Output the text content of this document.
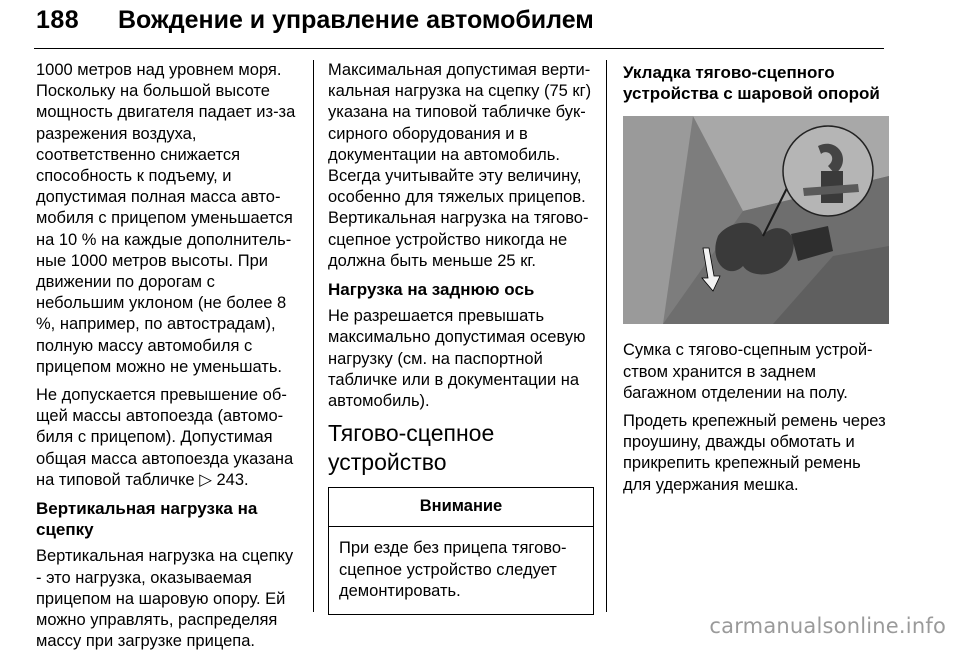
188 Вождение и управление автомобилем

1000 метров над уровнем моря. Поскольку на большой высоте мощность двигателя падает из-за разрежения воздуха, соответственно снижается способность к подъему, и допустимая полная масса автомобиля с прицепом уменьшается на 10 % на каждые дополнительные 1000 метров высоты. При движении по дорогам с небольшим уклоном (не более 8 %, например, по автострадам), полную массу автомобиля с прицепом можно не уменьшать.

Не допускается превышение общей массы автопоезда (автомобиля с прицепом). Допустимая общая масса автопоезда указана на типовой табличке ▷ 243.

Вертикальная нагрузка на сцепку

Вертикальная нагрузка на сцепку - это нагрузка, оказываемая прицепом на шаровую опору. Ей можно управлять, распределяя массу при загрузке прицепа.

Максимальная допустимая вертикальная нагрузка на сцепку (75 кг) указана на типовой табличке буксирного оборудования и в документации на автомобиль. Всегда учитывайте эту величину, особенно для тяжелых прицепов. Вертикальная нагрузка на тягово-сцепное устройство никогда не должна быть меньше 25 кг.

Нагрузка на заднюю ось

Не разрешается превышать максимально допустимая осевую нагрузку (см. на паспортной табличке или в документации на автомобиль).

Тягово-сцепное устройство
Внимание
При езде без прицепа тягово-сцепное устройство следует демонтировать.
Укладка тягово-сцепного устройства с шаровой опорой

Сумка с тягово-сцепным устройством хранится в заднем багажном отделении на полу.

Продеть крепежный ремень через проушину, дважды обмотать и прикрепить крепежный ремень для удержания мешка.

carmanualsonline.info
